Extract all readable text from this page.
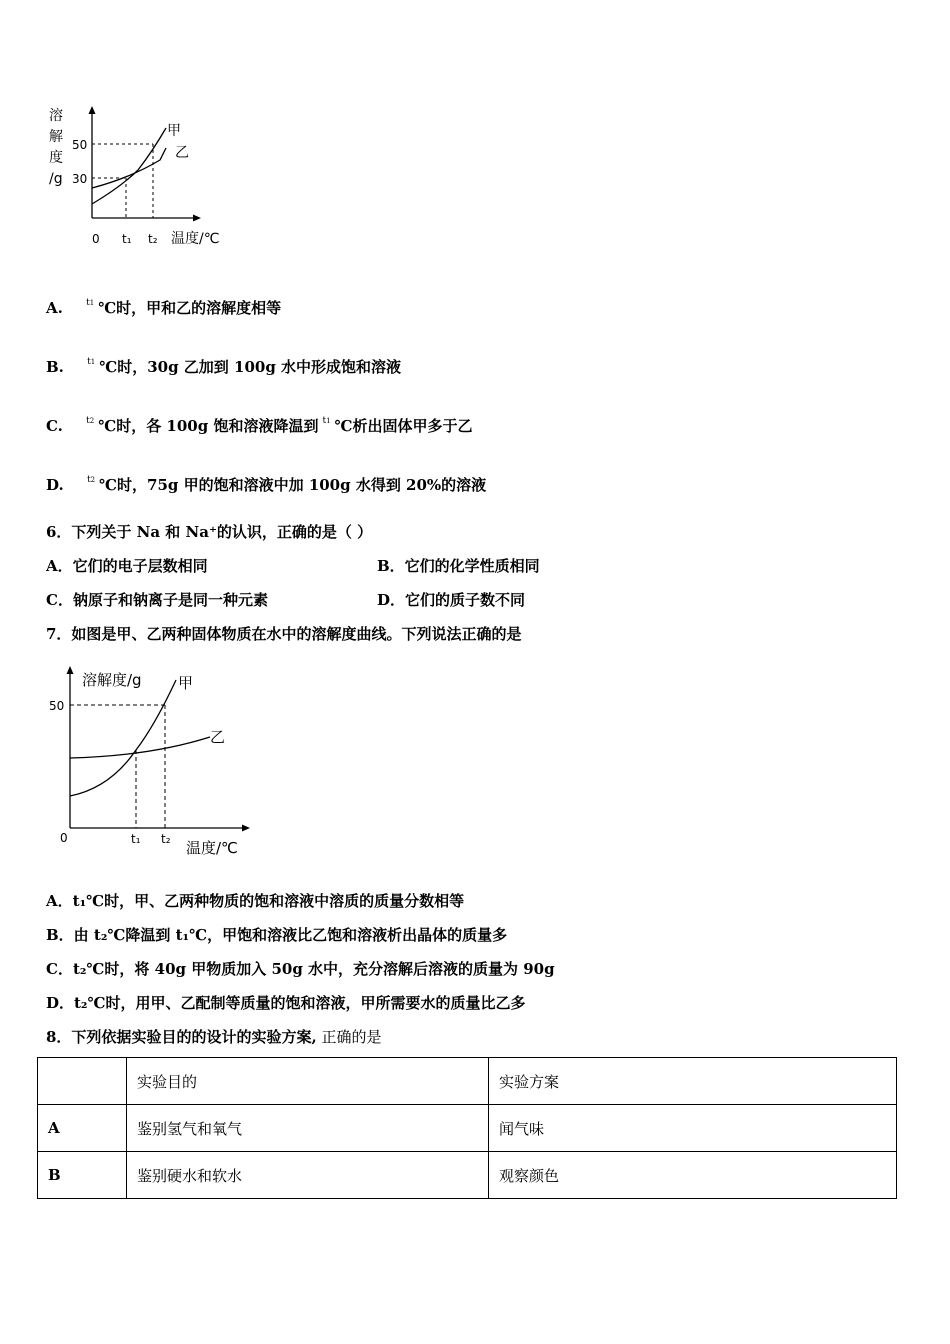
溶
解
度
/g
50
30
0 t₁ t₂ 温度/℃
甲
乙
A.	$^{t1}$ ℃时，甲和乙的溶解度相等
B.	$^{t1}$ ℃时，30g 乙加到 100g 水中形成饱和溶液
C.	$^{t2}$ ℃时，各 100g 饱和溶液降温到 $^{t1}$ ℃析出固体甲多于乙
D.	$^{t2}$ ℃时，75g 甲的饱和溶液中加 100g 水得到 20%的溶液
6．下列关于 Na 和 Na⁺的认识，正确的是（ ）
A．它们的电子层数相同	B．它们的化学性质相同
C．钠原子和钠离子是同一种元素	D．它们的质子数不同
7．如图是甲、乙两种固体物质在水中的溶解度曲线。下列说法正确的是
溶解度/g
50
0	t₁ t₂ 温度/℃
甲
乙
A．t₁℃时，甲、乙两种物质的饱和溶液中溶质的质量分数相等
B．由 t₂℃降温到 t₁℃，甲饱和溶液比乙饱和溶液析出晶体的质量多
C．t₂℃时，将 40g 甲物质加入 50g 水中，充分溶解后溶液的质量为 90g
D．t₂℃时，用甲、乙配制等质量的饱和溶液，甲所需要水的质量比乙多
8．下列依据实验目的的设计的实验方案, 正确的是
	实验目的	实验方案
A	鉴别氢气和氧气	闻气味
B	鉴别硬水和软水	观察颜色
